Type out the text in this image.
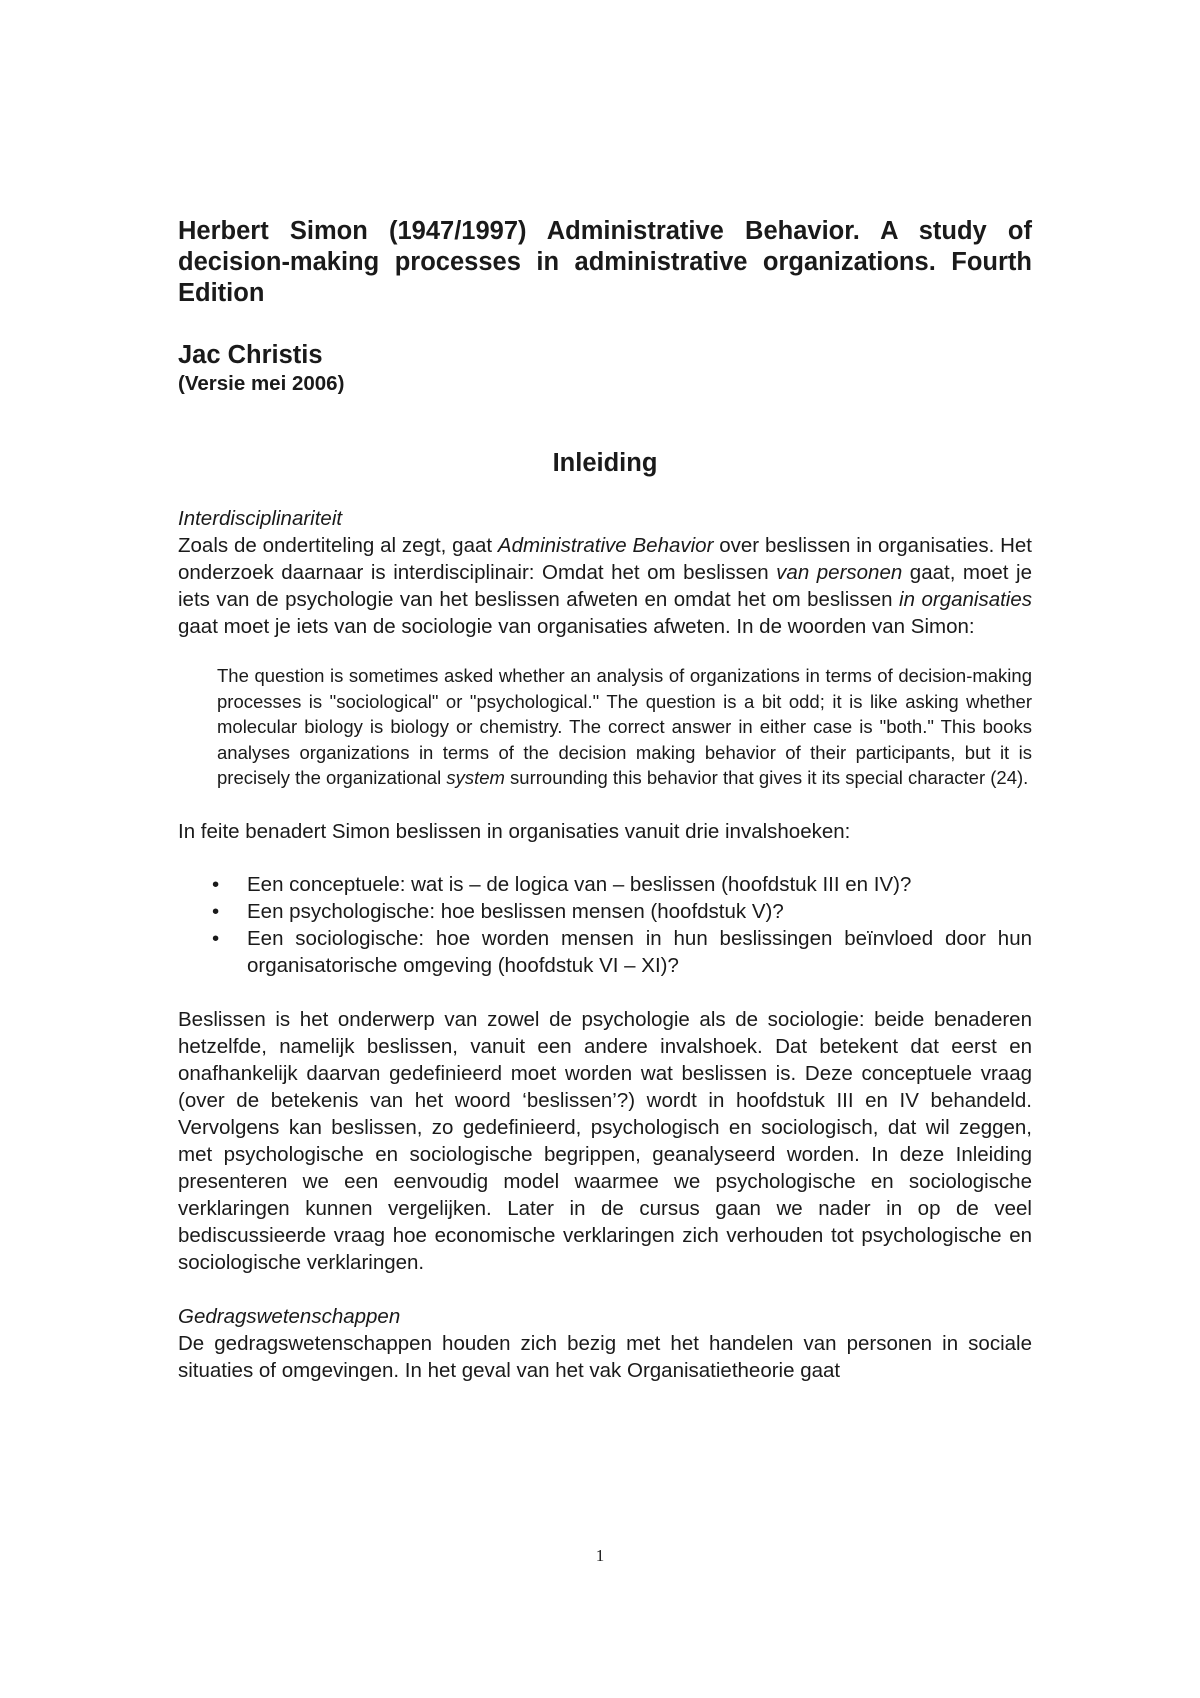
Herbert Simon (1947/1997) Administrative Behavior. A study of decision-making processes in administrative organizations. Fourth Edition

Jac Christis

(Versie mei 2006)

Inleiding

Interdisciplinariteit

Zoals de ondertiteling al zegt, gaat Administrative Behavior over beslissen in organisaties. Het onderzoek daarnaar is interdisciplinair: Omdat het om beslissen van personen gaat, moet je iets van de psychologie van het beslissen afweten en omdat het om beslissen in organisaties gaat moet je iets van de sociologie van organisaties afweten. In de woorden van Simon:

The question is sometimes asked whether an analysis of organizations in terms of decision-making processes is "sociological" or "psychological." The question is a bit odd; it is like asking whether molecular biology is biology or chemistry. The correct answer in either case is "both." This books analyses organizations in terms of the decision making behavior of their participants, but it is precisely the organizational system surrounding this behavior that gives it its special character (24).

In feite benadert Simon beslissen in organisaties vanuit drie invalshoeken:

• Een conceptuele: wat is – de logica van – beslissen (hoofdstuk III en IV)?
• Een psychologische: hoe beslissen mensen (hoofdstuk V)?
• Een sociologische: hoe worden mensen in hun beslissingen beïnvloed door hun organisatorische omgeving (hoofdstuk VI – XI)?

Beslissen is het onderwerp van zowel de psychologie als de sociologie: beide benaderen hetzelfde, namelijk beslissen, vanuit een andere invalshoek. Dat betekent dat eerst en onafhankelijk daarvan gedefinieerd moet worden wat beslissen is. Deze conceptuele vraag (over de betekenis van het woord ‘beslissen’?) wordt in hoofdstuk III en IV behandeld. Vervolgens kan beslissen, zo gedefinieerd, psychologisch en sociologisch, dat wil zeggen, met psychologische en sociologische begrippen, geanalyseerd worden. In deze Inleiding presenteren we een eenvoudig model waarmee we psychologische en sociologische verklaringen kunnen vergelijken. Later in de cursus gaan we nader in op de veel bediscussieerde vraag hoe economische verklaringen zich verhouden tot psychologische en sociologische verklaringen.

Gedragswetenschappen

De gedragswetenschappen houden zich bezig met het handelen van personen in sociale situaties of omgevingen. In het geval van het vak Organisatietheorie gaat

1
